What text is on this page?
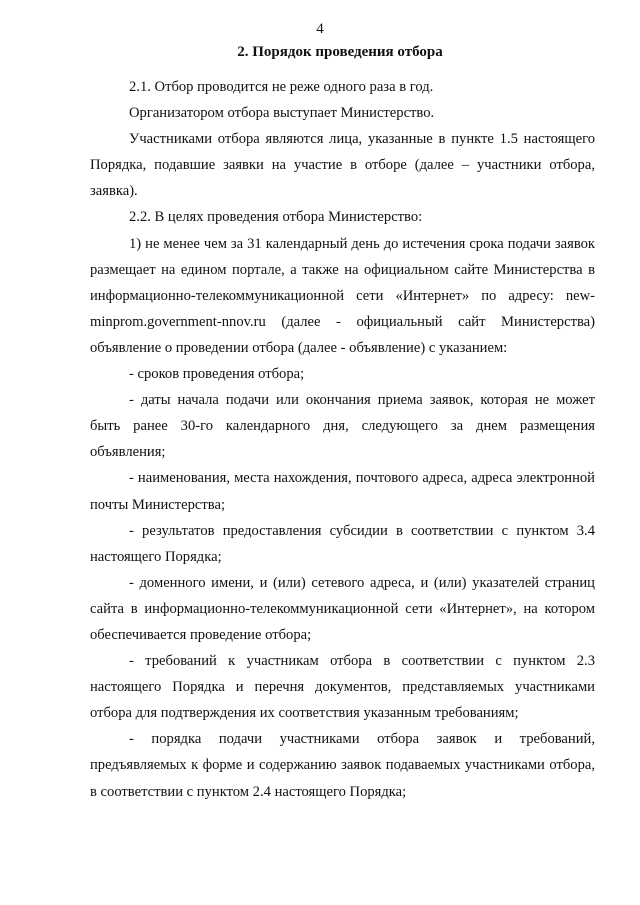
4
2. Порядок проведения отбора

2.1. Отбор проводится не реже одного раза в год.

Организатором отбора выступает Министерство.

Участниками отбора являются лица, указанные в пункте 1.5 настоящего Порядка, подавшие заявки на участие в отборе (далее – участники отбора, заявка).

2.2. В целях проведения отбора Министерство:

1) не менее чем за 31 календарный день до истечения срока подачи заявок размещает на едином портале, а также на официальном сайте Министерства в информационно-телекоммуникационной сети «Интернет» по адресу: new-minprom.government-nnov.ru (далее - официальный сайт Министерства) объявление о проведении отбора (далее - объявление) с указанием:

- сроков проведения отбора;

- даты начала подачи или окончания приема заявок, которая не может быть ранее 30-го календарного дня, следующего за днем размещения объявления;

- наименования, места нахождения, почтового адреса, адреса электронной почты Министерства;

- результатов предоставления субсидии в соответствии с пунктом 3.4 настоящего Порядка;

- доменного имени, и (или) сетевого адреса, и (или) указателей страниц сайта в информационно-телекоммуникационной сети «Интернет», на котором обеспечивается проведение отбора;

- требований к участникам отбора в соответствии с пунктом 2.3 настоящего Порядка и перечня документов, представляемых участниками отбора для подтверждения их соответствия указанным требованиям;

- порядка подачи участниками отбора заявок и требований, предъявляемых к форме и содержанию заявок подаваемых участниками отбора, в соответствии с пунктом 2.4 настоящего Порядка;
